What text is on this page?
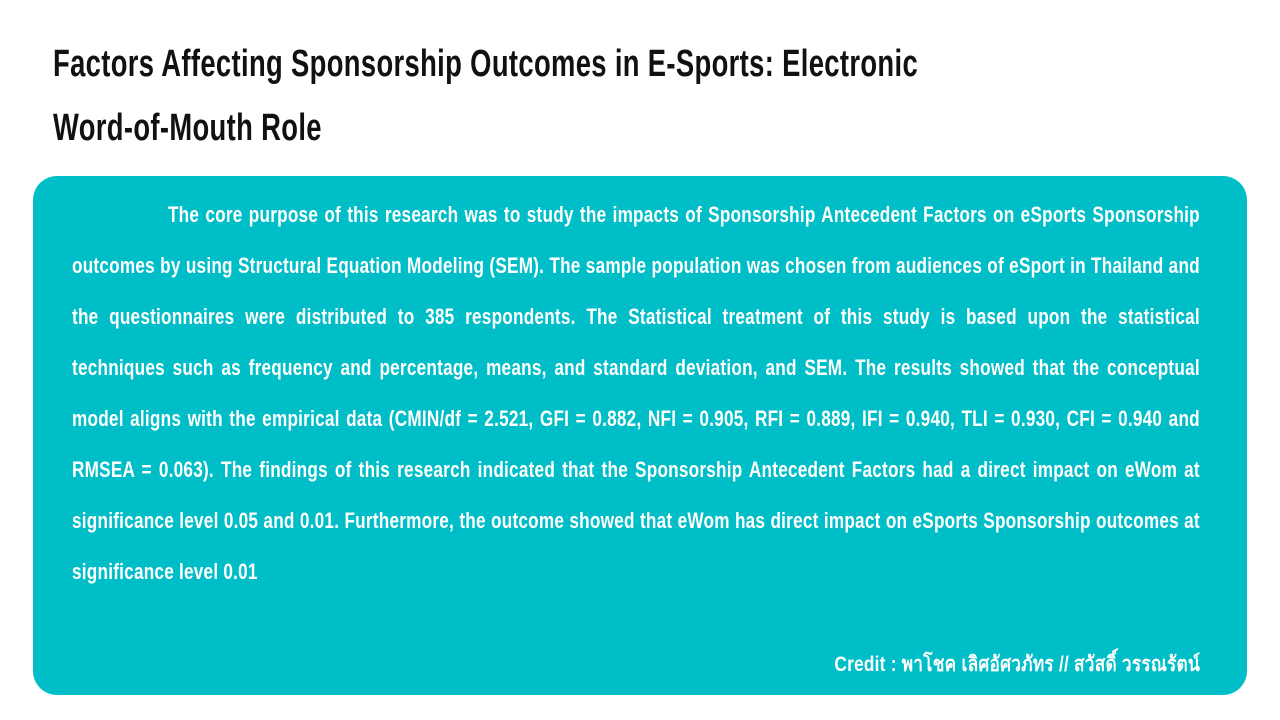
Factors Affecting Sponsorship Outcomes in E-Sports: Electronic
Word-of-Mouth Role
The core purpose of this research was to study the impacts of Sponsorship Antecedent Factors on eSports Sponsorship outcomes by using Structural Equation Modeling (SEM). The sample population was chosen from audiences of eSport in Thailand and the questionnaires were distributed to 385 respondents. The Statistical treatment of this study is based upon the statistical techniques such as frequency and percentage, means, and standard deviation, and SEM. The results showed that the conceptual model aligns with the empirical data (CMIN/df = 2.521, GFI = 0.882, NFI = 0.905, RFI = 0.889, IFI = 0.940, TLI = 0.930, CFI = 0.940 and RMSEA = 0.063). The findings of this research indicated that the Sponsorship Antecedent Factors had a direct impact on eWom at significance level 0.05 and 0.01. Furthermore, the outcome showed that eWom has direct impact on eSports Sponsorship outcomes at significance level 0.01
Credit : พาโชค เลิศอัศวภัทร // สวัสดิ์ วรรณรัตน์
